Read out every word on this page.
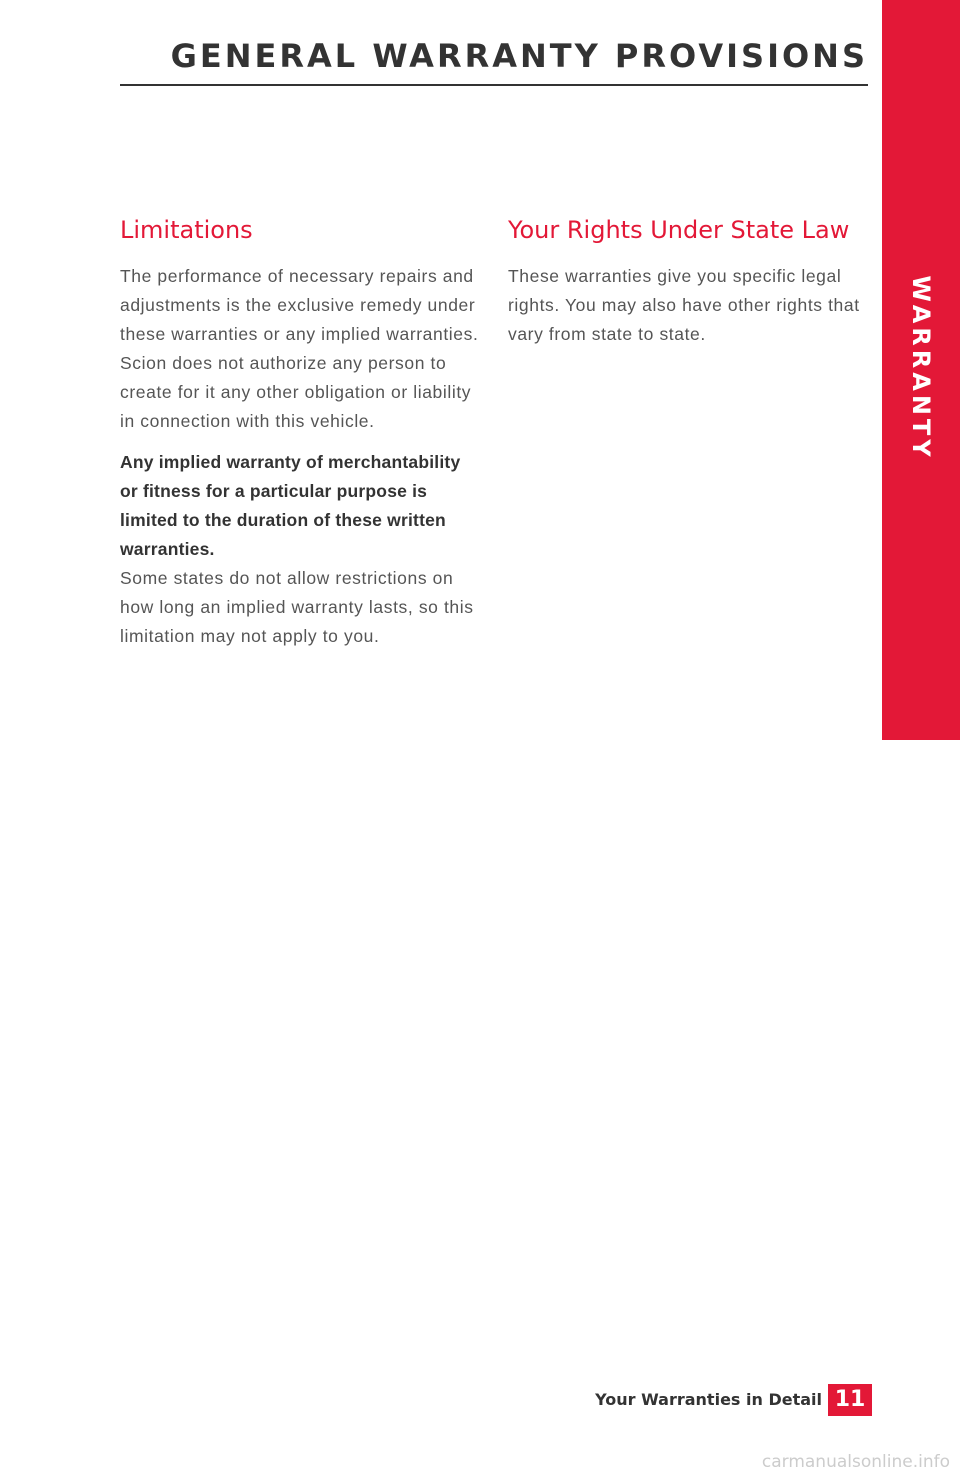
GENERAL WARRANTY PROVISIONS
WARRANTY
Limitations

The performance of necessary repairs and adjustments is the exclusive remedy under these warranties or any implied warranties. Scion does not authorize any person to create for it any other obligation or liability in connection with this vehicle.

Any implied warranty of merchantability or fitness for a particular purpose is limited to the duration of these written warranties.

Some states do not allow restrictions on how long an implied warranty lasts, so this limitation may not apply to you.

Your Rights Under State Law

These warranties give you specific legal rights. You may also have other rights that vary from state to state.

Your Warranties in Detail 11
carmanualsonline.info
